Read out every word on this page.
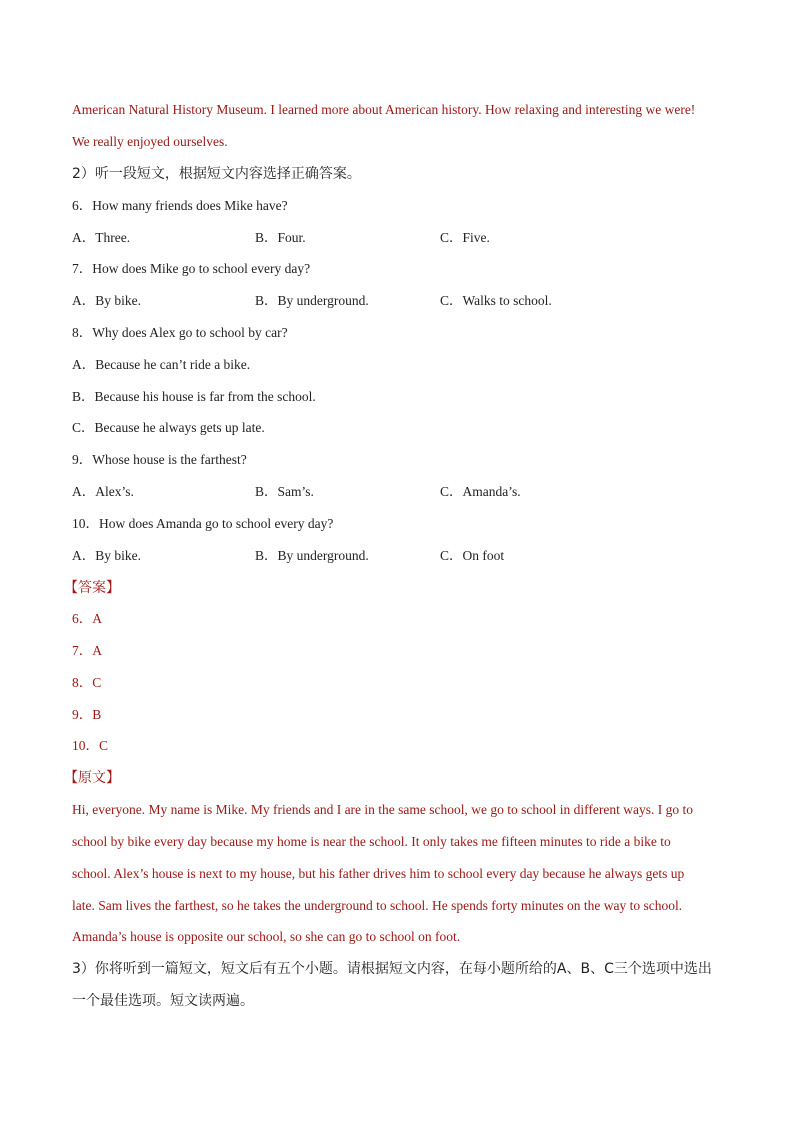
American Natural History Museum. I learned more about American history. How relaxing and interesting we were!
We really enjoyed ourselves.
2）听一段短文，根据短文内容选择正确答案。
6．How many friends does Mike have?
A．Three.	B．Four.	C．Five.
7．How does Mike go to school every day?
A．By bike.	B．By underground.	C．Walks to school.
8．Why does Alex go to school by car?
A．Because he can’t ride a bike.
B．Because his house is far from the school.
C．Because he always gets up late.
9．Whose house is the farthest?
A．Alex’s.	B．Sam’s.	C．Amanda’s.
10．How does Amanda go to school every day?
A．By bike.	B．By underground.	C．On foot
【答案】
6．A
7．A
8．C
9．B
10．C
【原文】
Hi, everyone. My name is Mike. My friends and I are in the same school, we go to school in different ways. I go to
school by bike every day because my home is near the school. It only takes me fifteen minutes to ride a bike to
school. Alex’s house is next to my house, but his father drives him to school every day because he always gets up
late. Sam lives the farthest, so he takes the underground to school. He spends forty minutes on the way to school.
Amanda’s house is opposite our school, so she can go to school on foot.
3）你将听到一篇短文，短文后有五个小题。请根据短文内容，在每小题所给的A、B、C三个选项中选出
一个最佳选项。短文读两遍。
